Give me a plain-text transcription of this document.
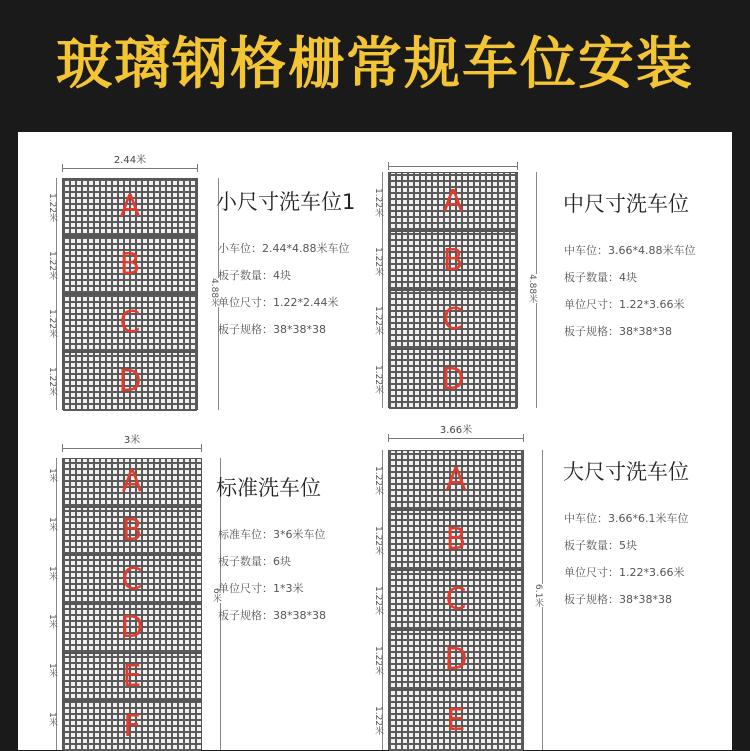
玻璃钢格栅常规车位安装
A
B
C
D
2.44米
1.22米
1.22米
1.22米
1.22米
4.88米
小尺寸洗车位1
小车位：2.44*4.88米车位
板子数量：4块
单位尺寸：1.22*2.44米
板子规格：38*38*38
A
B
C
D
1.22米
1.22米
1.22米
1.22米
4.88米
中尺寸洗车位
中车位：3.66*4.88米车位
板子数量：4块
单位尺寸：1.22*3.66米
板子规格：38*38*38
A
B
C
D
E
F
3米
1米
1米
1米
1米
1米
1米
6米
标准洗车位
标准车位：3*6米车位
板子数量：6块
单位尺寸：1*3米
板子规格：38*38*38
A
B
C
D
E
3.66米
1.22米
1.22米
1.22米
1.22米
1.22米
6.1米
大尺寸洗车位
中车位：3.66*6.1米车位
板子数量：5块
单位尺寸：1.22*3.66米
板子规格：38*38*38
